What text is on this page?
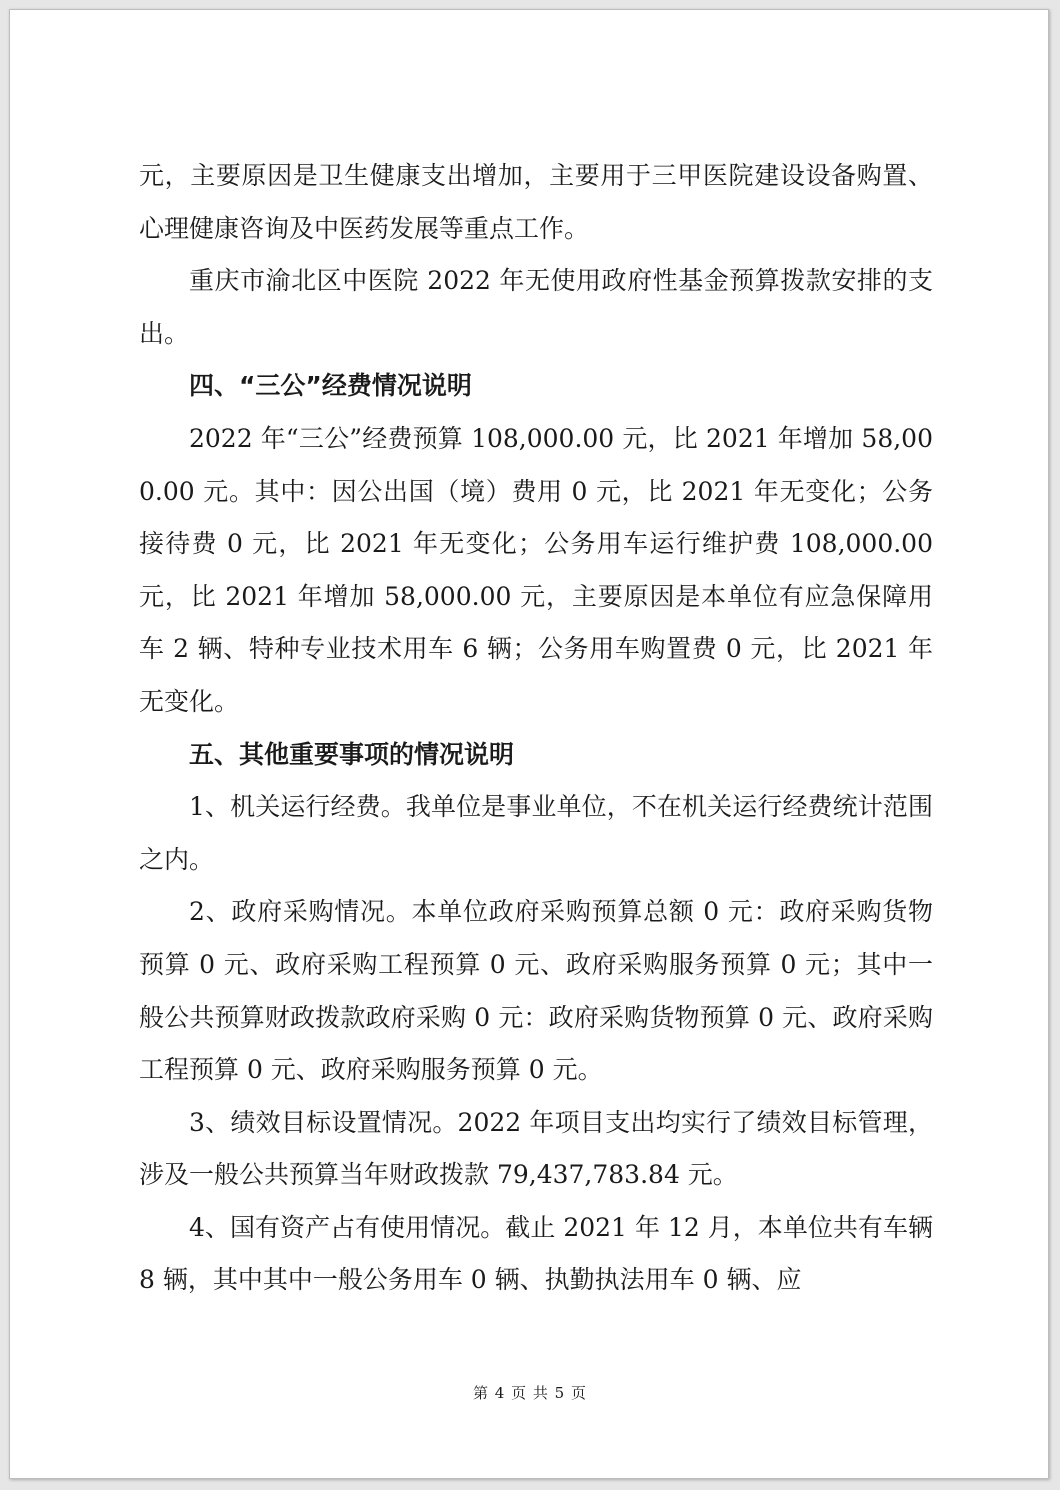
元，主要原因是卫生健康支出增加，主要用于三甲医院建设设备购置、心理健康咨询及中医药发展等重点工作。

重庆市渝北区中医院 2022 年无使用政府性基金预算拨款安排的支出。

四、“三公”经费情况说明

2022 年“三公”经费预算 108,000.00 元，比 2021 年增加 58,000.00 元。其中：因公出国（境）费用 0 元，比 2021 年无变化；公务接待费 0 元，比 2021 年无变化；公务用车运行维护费 108,000.00 元，比 2021 年增加 58,000.00 元，主要原因是本单位有应急保障用车 2 辆、特种专业技术用车 6 辆；公务用车购置费 0 元，比 2021 年无变化。

五、其他重要事项的情况说明

1、机关运行经费。我单位是事业单位，不在机关运行经费统计范围之内。

2、政府采购情况。本单位政府采购预算总额 0 元：政府采购货物预算 0 元、政府采购工程预算 0 元、政府采购服务预算 0 元；其中一般公共预算财政拨款政府采购 0 元：政府采购货物预算 0 元、政府采购工程预算 0 元、政府采购服务预算 0 元。

3、绩效目标设置情况。2022 年项目支出均实行了绩效目标管理，涉及一般公共预算当年财政拨款 79,437,783.84 元。

4、国有资产占有使用情况。截止 2021 年 12 月，本单位共有车辆 8 辆，其中其中一般公务用车 0 辆、执勤执法用车 0 辆、应

第 4 页 共 5 页
